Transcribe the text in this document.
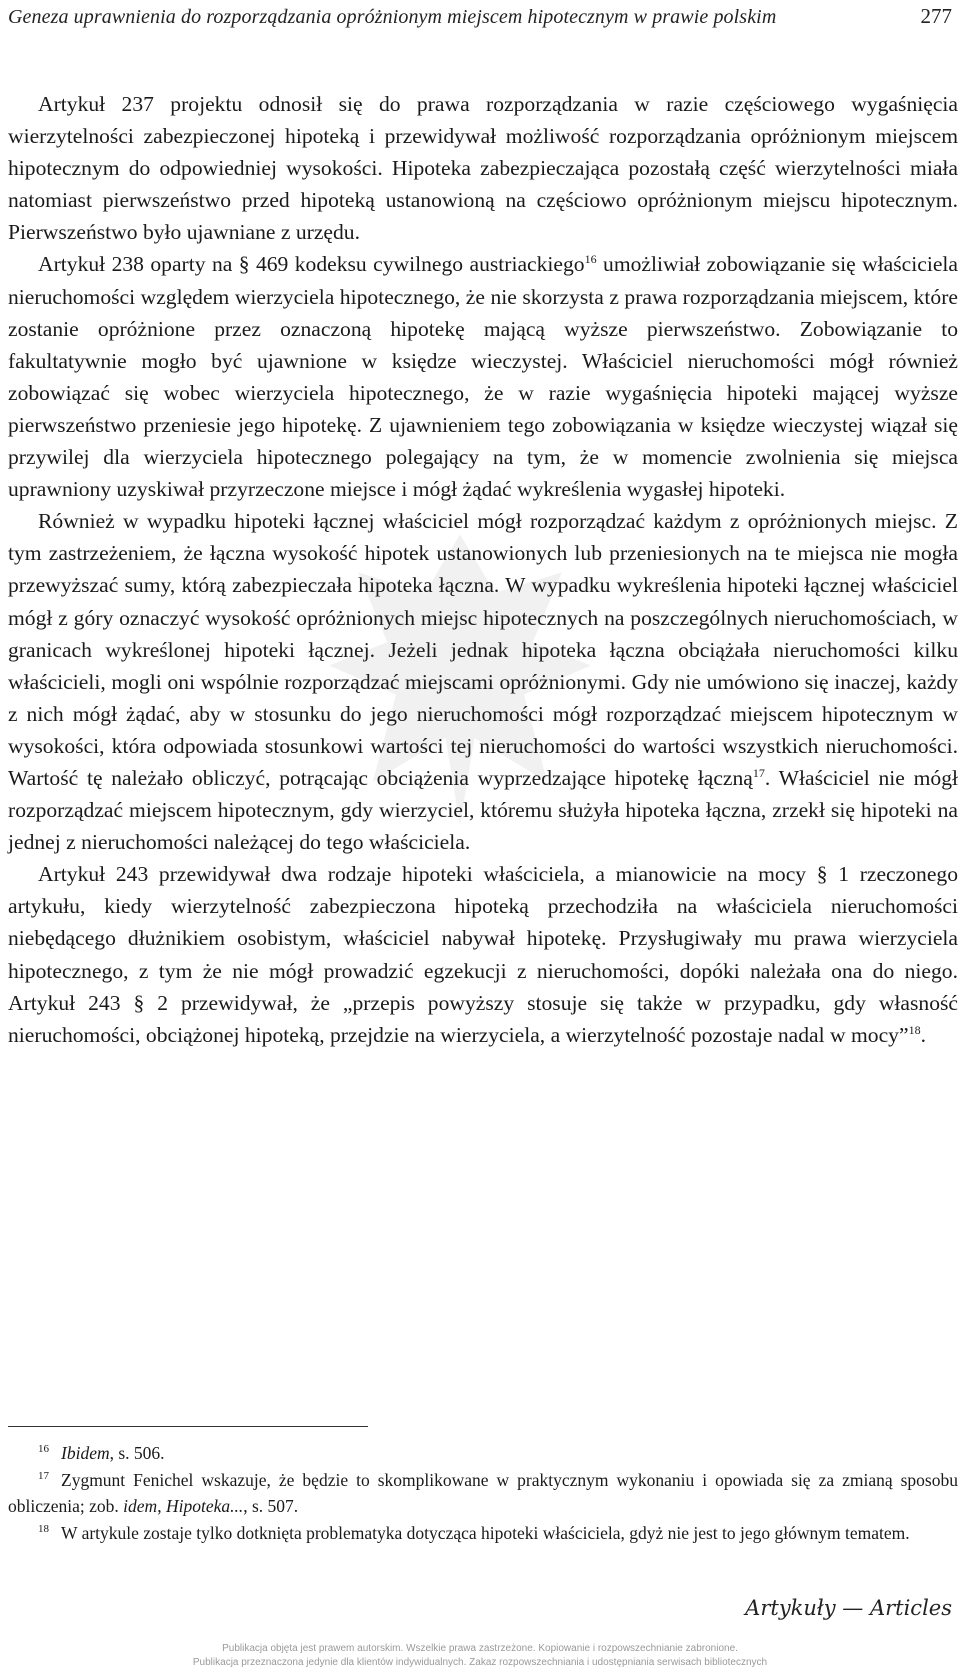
Geneza uprawnienia do rozporządzania opróżnionym miejscem hipotecznym w prawie polskim	277

Artykuł 237 projektu odnosił się do prawa rozporządzania w razie częściowego wygaśnięcia wierzytelności zabezpieczonej hipoteką i przewidywał możliwość rozporządzania opróżnionym miejscem hipotecznym do odpowiedniej wysokości. Hipoteka zabezpieczająca pozostałą część wierzytelności miała natomiast pierwszeństwo przed hipoteką ustanowioną na częściowo opróżnionym miejscu hipotecznym. Pierwszeństwo było ujawniane z urzędu.

Artykuł 238 oparty na § 469 kodeksu cywilnego austriackiego$^{16}$ umożliwiał zobowiązanie się właściciela nieruchomości względem wierzyciela hipotecznego, że nie skorzysta z prawa rozporządzania miejscem, które zostanie opróżnione przez oznaczoną hipotekę mającą wyższe pierwszeństwo. Zobowiązanie to fakultatywnie mogło być ujawnione w księdze wieczystej. Właściciel nieruchomości mógł również zobowiązać się wobec wierzyciela hipotecznego, że w razie wygaśnięcia hipoteki mającej wyższe pierwszeństwo przeniesie jego hipotekę. Z ujawnieniem tego zobowiązania w księdze wieczystej wiązał się przywilej dla wierzyciela hipotecznego polegający na tym, że w momencie zwolnienia się miejsca uprawniony uzyskiwał przyrzeczone miejsce i mógł żądać wykreślenia wygasłej hipoteki.

Również w wypadku hipoteki łącznej właściciel mógł rozporządzać każdym z opróżnionych miejsc. Z tym zastrzeżeniem, że łączna wysokość hipotek ustanowionych lub przeniesionych na te miejsca nie mogła przewyższać sumy, którą zabezpieczała hipoteka łączna. W wypadku wykreślenia hipoteki łącznej właściciel mógł z góry oznaczyć wysokość opróżnionych miejsc hipotecznych na poszczególnych nieruchomościach, w granicach wykreślonej hipoteki łącznej. Jeżeli jednak hipoteka łączna obciążała nieruchomości kilku właścicieli, mogli oni wspólnie rozporządzać miejscami opróżnionymi. Gdy nie umówiono się inaczej, każdy z nich mógł żądać, aby w stosunku do jego nieruchomości mógł rozporządzać miejscem hipotecznym w wysokości, która odpowiada stosunkowi wartości tej nieruchomości do wartości wszystkich nieruchomości. Wartość tę należało obliczyć, potrącając obciążenia wyprzedzające hipotekę łączną$^{17}$. Właściciel nie mógł rozporządzać miejscem hipotecznym, gdy wierzyciel, któremu służyła hipoteka łączna, zrzekł się hipoteki na jednej z nieruchomości należącej do tego właściciela.

Artykuł 243 przewidywał dwa rodzaje hipoteki właściciela, a mianowicie na mocy § 1 rzeczonego artykułu, kiedy wierzytelność zabezpieczona hipoteką przechodziła na właściciela nieruchomości niebędącego dłużnikiem osobistym, właściciel nabywał hipotekę. Przysługiwały mu prawa wierzyciela hipotecznego, z tym że nie mógł prowadzić egzekucji z nieruchomości, dopóki należała ona do niego. Artykuł 243 § 2 przewidywał, że „przepis powyższy stosuje się także w przypadku, gdy własność nieruchomości, obciążonej hipoteką, przejdzie na wierzyciela, a wierzytelność pozostaje nadal w mocy”$^{18}$.

$^{16}$ Ibidem, s. 506.

$^{17}$ Zygmunt Fenichel wskazuje, że będzie to skomplikowane w praktycznym wykonaniu i opowiada się za zmianą sposobu obliczenia; zob. idem, Hipoteka..., s. 507.

$^{18}$ W artykule zostaje tylko dotknięta problematyka dotycząca hipoteki właściciela, gdyż nie jest to jego głównym tematem.

Artykuły — Articles
Publikacja objęta jest prawem autorskim. Wszelkie prawa zastrzeżone. Kopiowanie i rozpowszechnianie zabronione.
Publikacja przeznaczona jedynie dla klientów indywidualnych. Zakaz rozpowszechniania i udostępniania serwisach bibliotecznych
